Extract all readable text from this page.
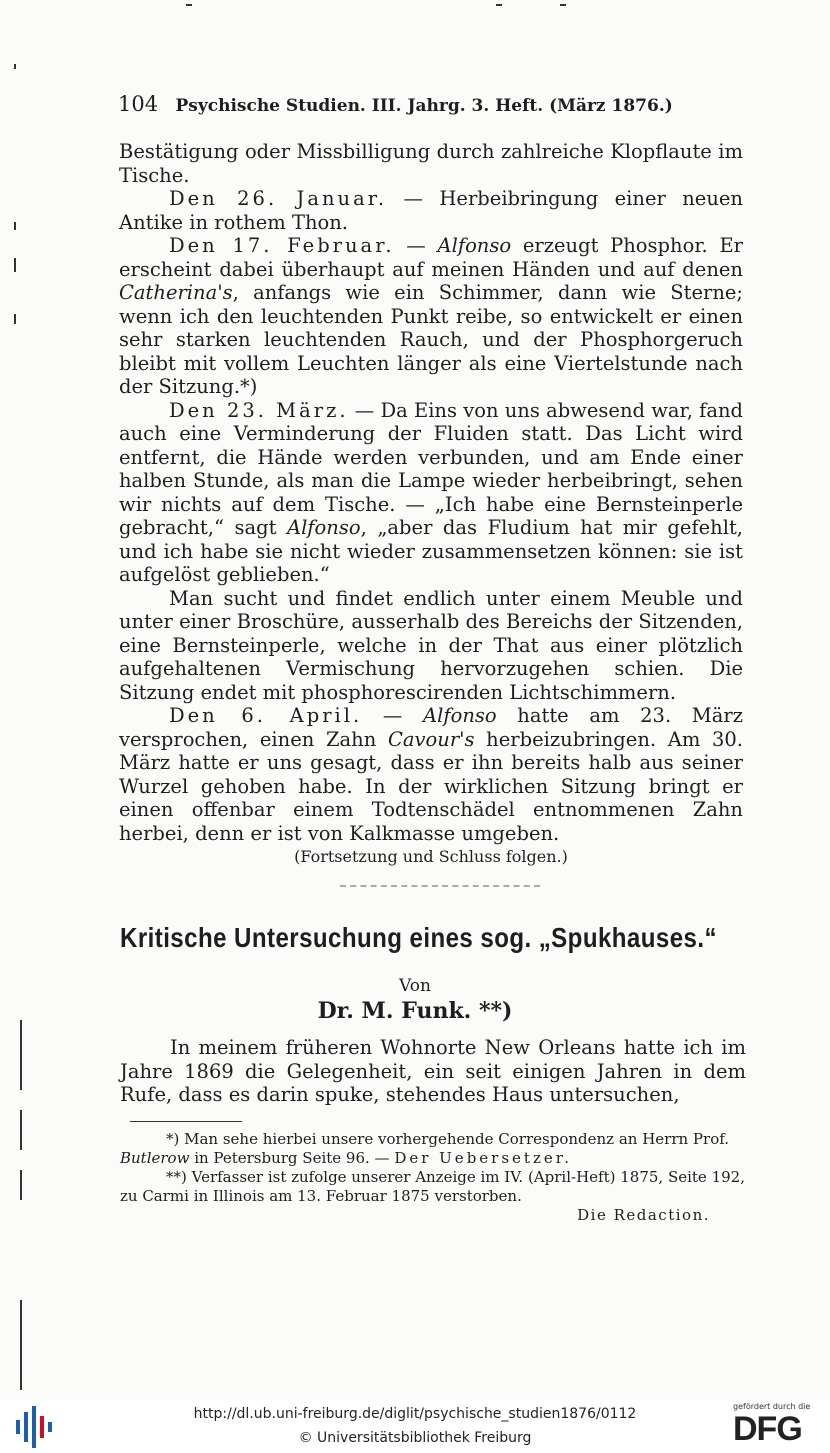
104 Psychische Studien. III. Jahrg. 3. Heft. (März 1876.)

Bestätigung oder Missbilligung durch zahlreiche Klopflaute im Tische.

Den 26. Januar. — Herbeibringung einer neuen Antike in rothem Thon.

Den 17. Februar. — Alfonso erzeugt Phosphor. Er erscheint dabei überhaupt auf meinen Händen und auf denen Catherina's, anfangs wie ein Schimmer, dann wie Sterne; wenn ich den leuchtenden Punkt reibe, so entwickelt er einen sehr starken leuchtenden Rauch, und der Phosphorgeruch bleibt mit vollem Leuchten länger als eine Viertelstunde nach der Sitzung.*)

Den 23. März. — Da Eins von uns abwesend war, fand auch eine Verminderung der Fluiden statt. Das Licht wird entfernt, die Hände werden verbunden, und am Ende einer halben Stunde, als man die Lampe wieder herbeibringt, sehen wir nichts auf dem Tische. — „Ich habe eine Bernsteinperle gebracht,“ sagt Alfonso, „aber das Fludium hat mir gefehlt, und ich habe sie nicht wieder zusammensetzen können: sie ist aufgelöst geblieben.“

Man sucht und findet endlich unter einem Meuble und unter einer Broschüre, ausserhalb des Bereichs der Sitzenden, eine Bernsteinperle, welche in der That aus einer plötzlich aufgehaltenen Vermischung hervorzugehen schien. Die Sitzung endet mit phosphorescirenden Lichtschimmern.

Den 6. April. — Alfonso hatte am 23. März versprochen, einen Zahn Cavour's herbeizubringen. Am 30. März hatte er uns gesagt, dass er ihn bereits halb aus seiner Wurzel gehoben habe. In der wirklichen Sitzung bringt er einen offenbar einem Todtenschädel entnommenen Zahn herbei, denn er ist von Kalkmasse umgeben.

(Fortsetzung und Schluss folgen.)

Kritische Untersuchung eines sog. „Spukhauses.“
Von
Dr. M. Funk. **)

In meinem früheren Wohnorte New Orleans hatte ich im Jahre 1869 die Gelegenheit, ein seit einigen Jahren in dem Rufe, dass es darin spuke, stehendes Haus untersuchen,

*) Man sehe hierbei unsere vorhergehende Correspondenz an Herrn Prof. Butlerow in Petersburg Seite 96. — Der Uebersetzer.

**) Verfasser ist zufolge unserer Anzeige im IV. (April-Heft) 1875, Seite 192, zu Carmi in Illinois am 13. Februar 1875 verstorben.

Die Redaction.

http://dl.ub.uni-freiburg.de/diglit/psychische_studien1876/0112
© Universitätsbibliothek Freiburg
gefördert durch die
DFG
